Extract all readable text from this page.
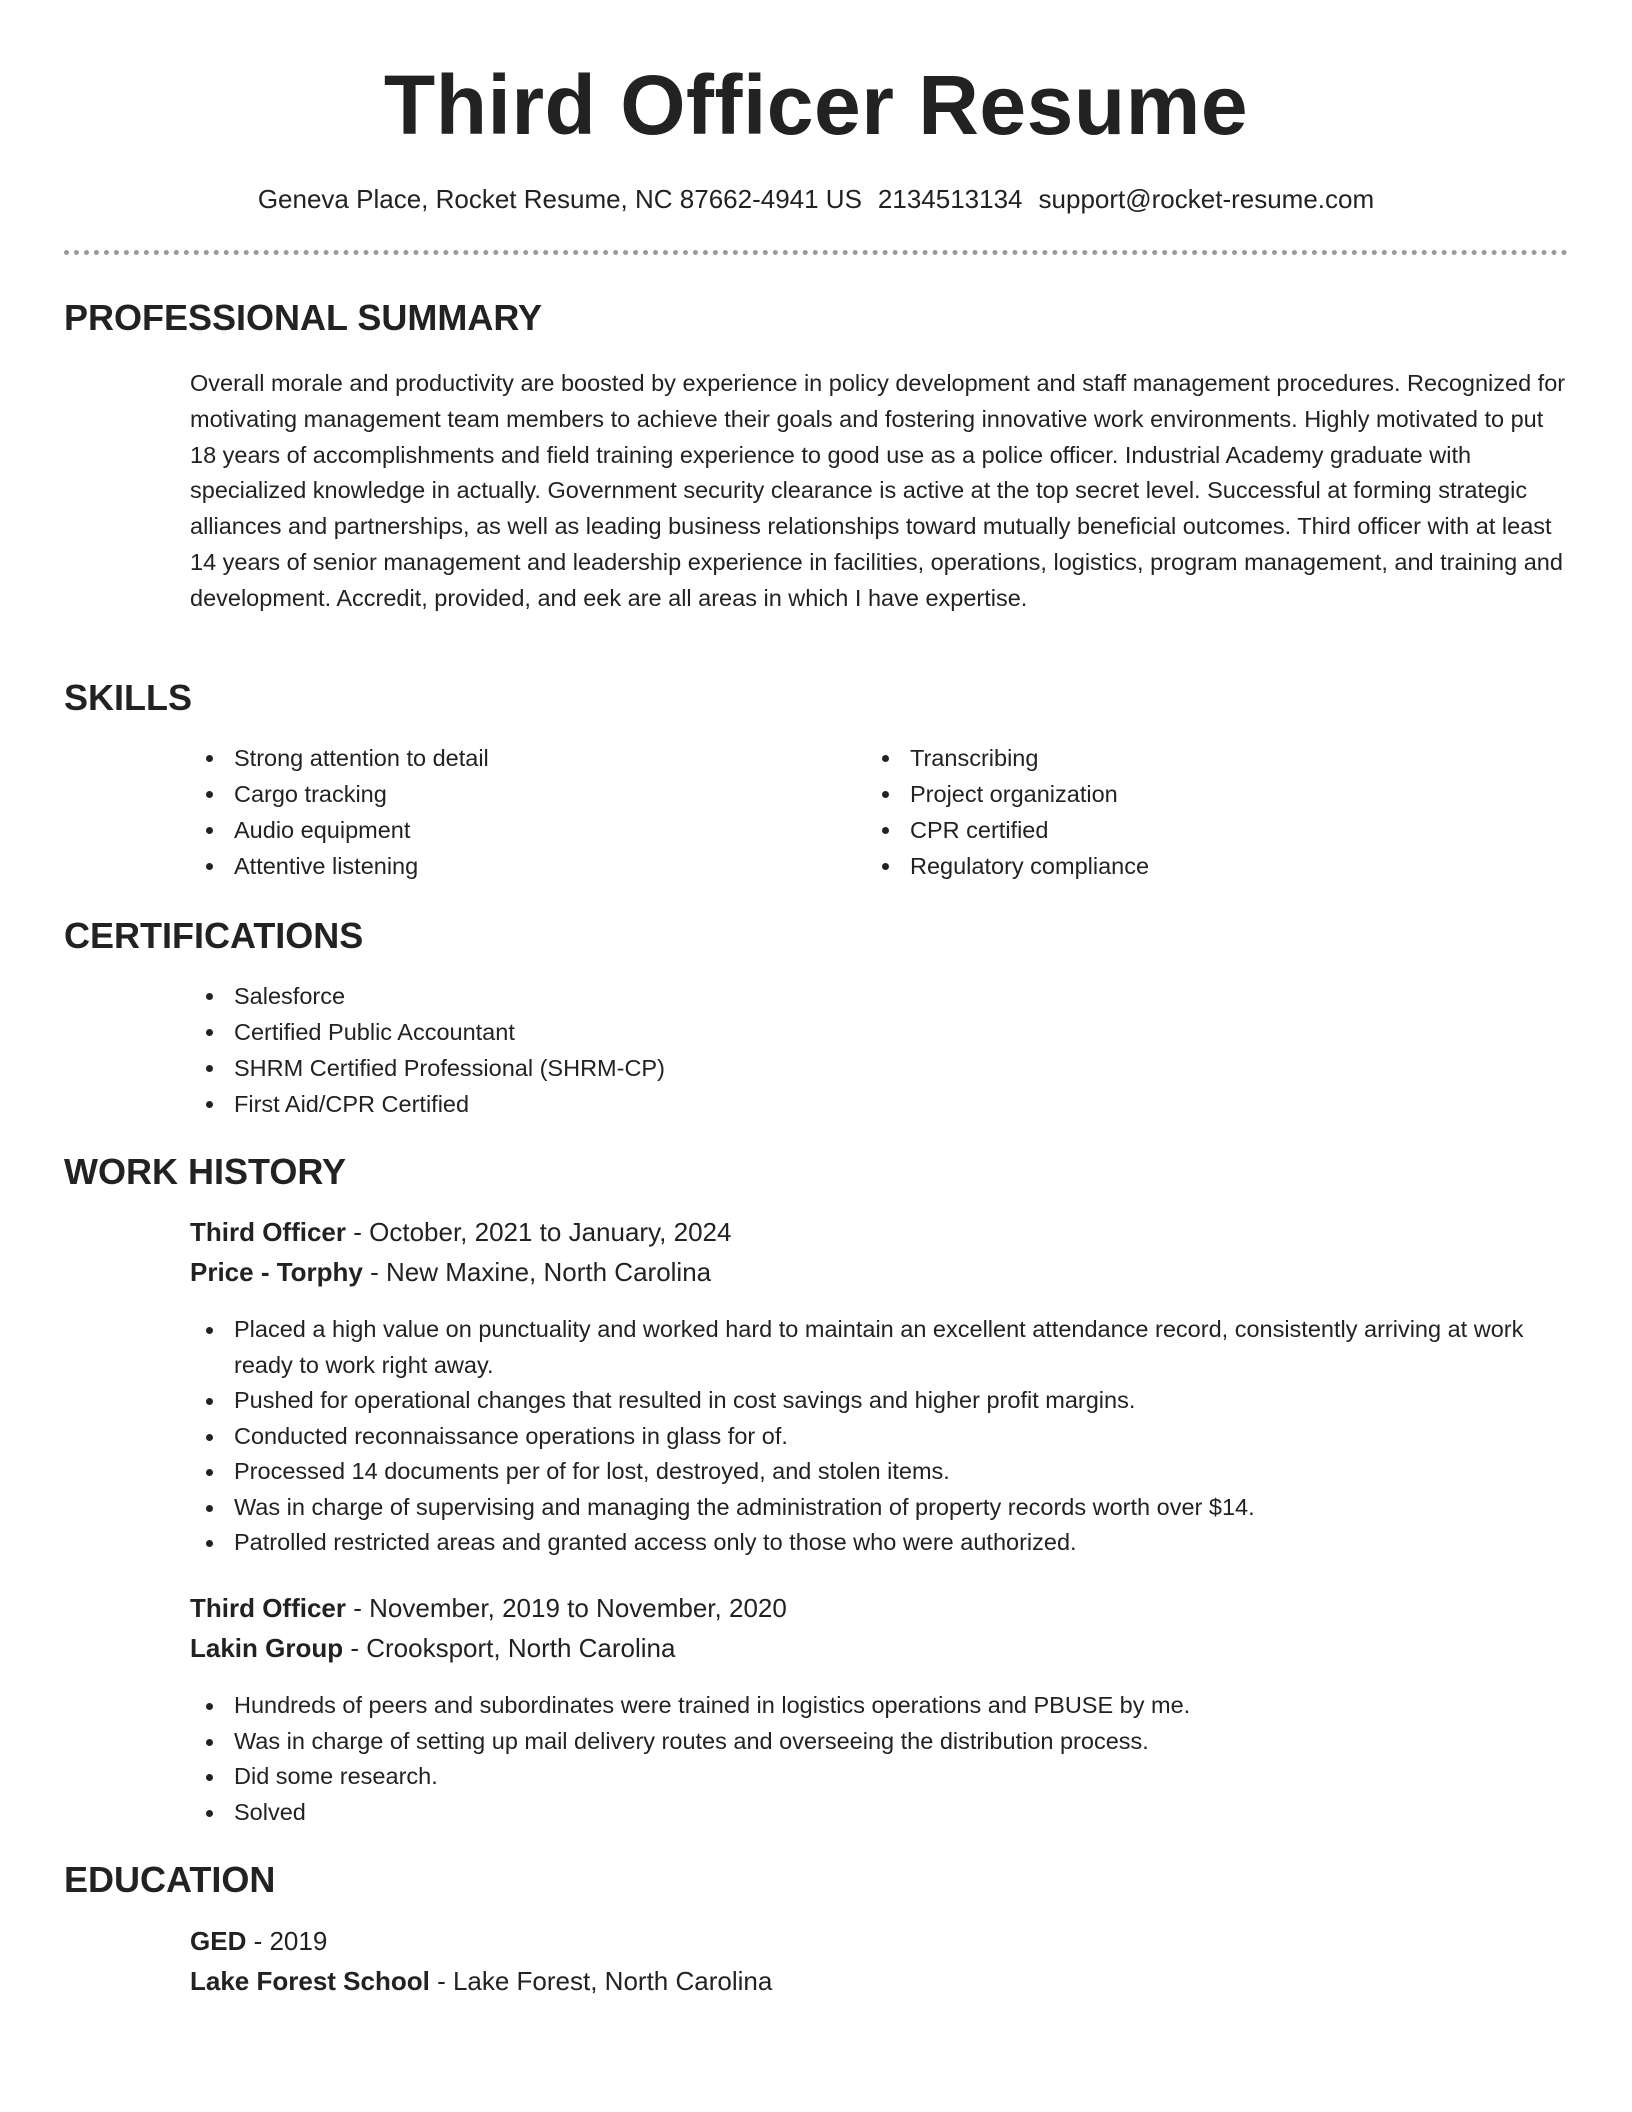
Third Officer Resume
Geneva Place, Rocket Resume, NC 87662-4941 US 2134513134 support@rocket-resume.com
PROFESSIONAL SUMMARY
Overall morale and productivity are boosted by experience in policy development and staff management procedures. Recognized for motivating management team members to achieve their goals and fostering innovative work environments. Highly motivated to put 18 years of accomplishments and field training experience to good use as a police officer. Industrial Academy graduate with specialized knowledge in actually. Government security clearance is active at the top secret level. Successful at forming strategic alliances and partnerships, as well as leading business relationships toward mutually beneficial outcomes. Third officer with at least 14 years of senior management and leadership experience in facilities, operations, logistics, program management, and training and development. Accredit, provided, and eek are all areas in which I have expertise.
SKILLS
Strong attention to detail
Cargo tracking
Audio equipment
Attentive listening
Transcribing
Project organization
CPR certified
Regulatory compliance
CERTIFICATIONS
Salesforce
Certified Public Accountant
SHRM Certified Professional (SHRM-CP)
First Aid/CPR Certified
WORK HISTORY
Third Officer - October, 2021 to January, 2024
Price - Torphy - New Maxine, North Carolina
Placed a high value on punctuality and worked hard to maintain an excellent attendance record, consistently arriving at work ready to work right away.
Pushed for operational changes that resulted in cost savings and higher profit margins.
Conducted reconnaissance operations in glass for of.
Processed 14 documents per of for lost, destroyed, and stolen items.
Was in charge of supervising and managing the administration of property records worth over $14.
Patrolled restricted areas and granted access only to those who were authorized.
Third Officer - November, 2019 to November, 2020
Lakin Group - Crooksport, North Carolina
Hundreds of peers and subordinates were trained in logistics operations and PBUSE by me.
Was in charge of setting up mail delivery routes and overseeing the distribution process.
Did some research.
Solved
EDUCATION
GED - 2019
Lake Forest School - Lake Forest, North Carolina
